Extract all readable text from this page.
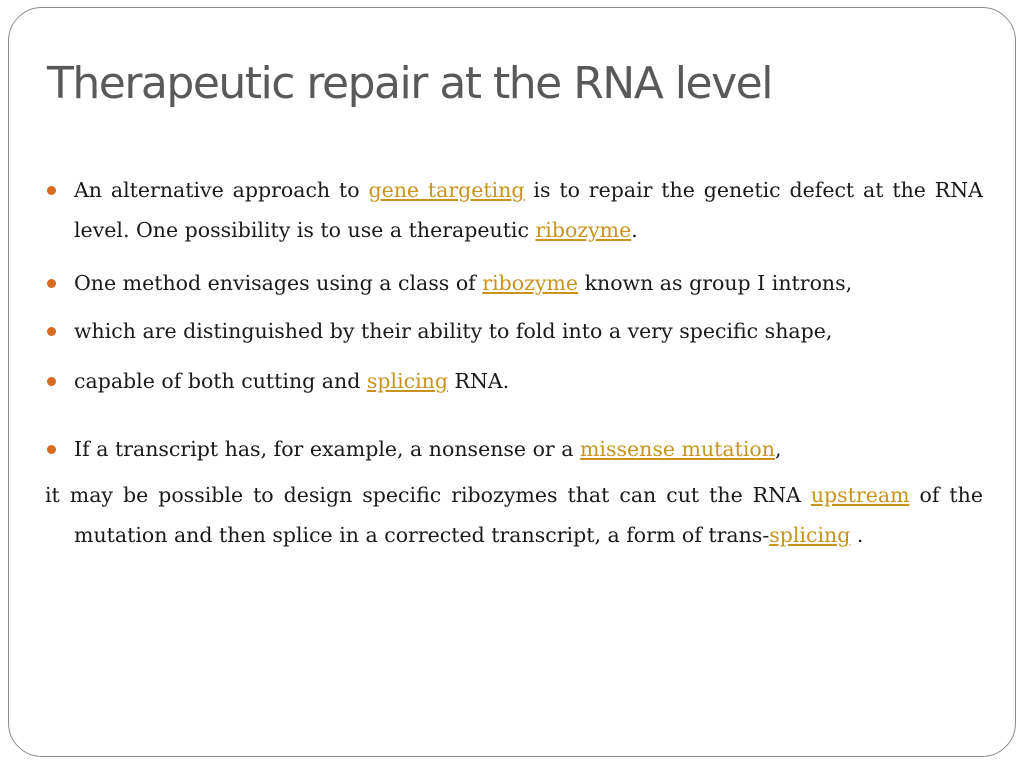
Therapeutic repair at the RNA level

An alternative approach to gene targeting is to repair the genetic defect at the RNA level. One possibility is to use a therapeutic ribozyme.

One method envisages using a class of ribozyme known as group I introns,

which are distinguished by their ability to fold into a very specific shape,

capable of both cutting and splicing RNA.

If a transcript has, for example, a nonsense or a missense mutation,

it may be possible to design specific ribozymes that can cut the RNA upstream of the mutation and then splice in a corrected transcript, a form of trans-splicing .
